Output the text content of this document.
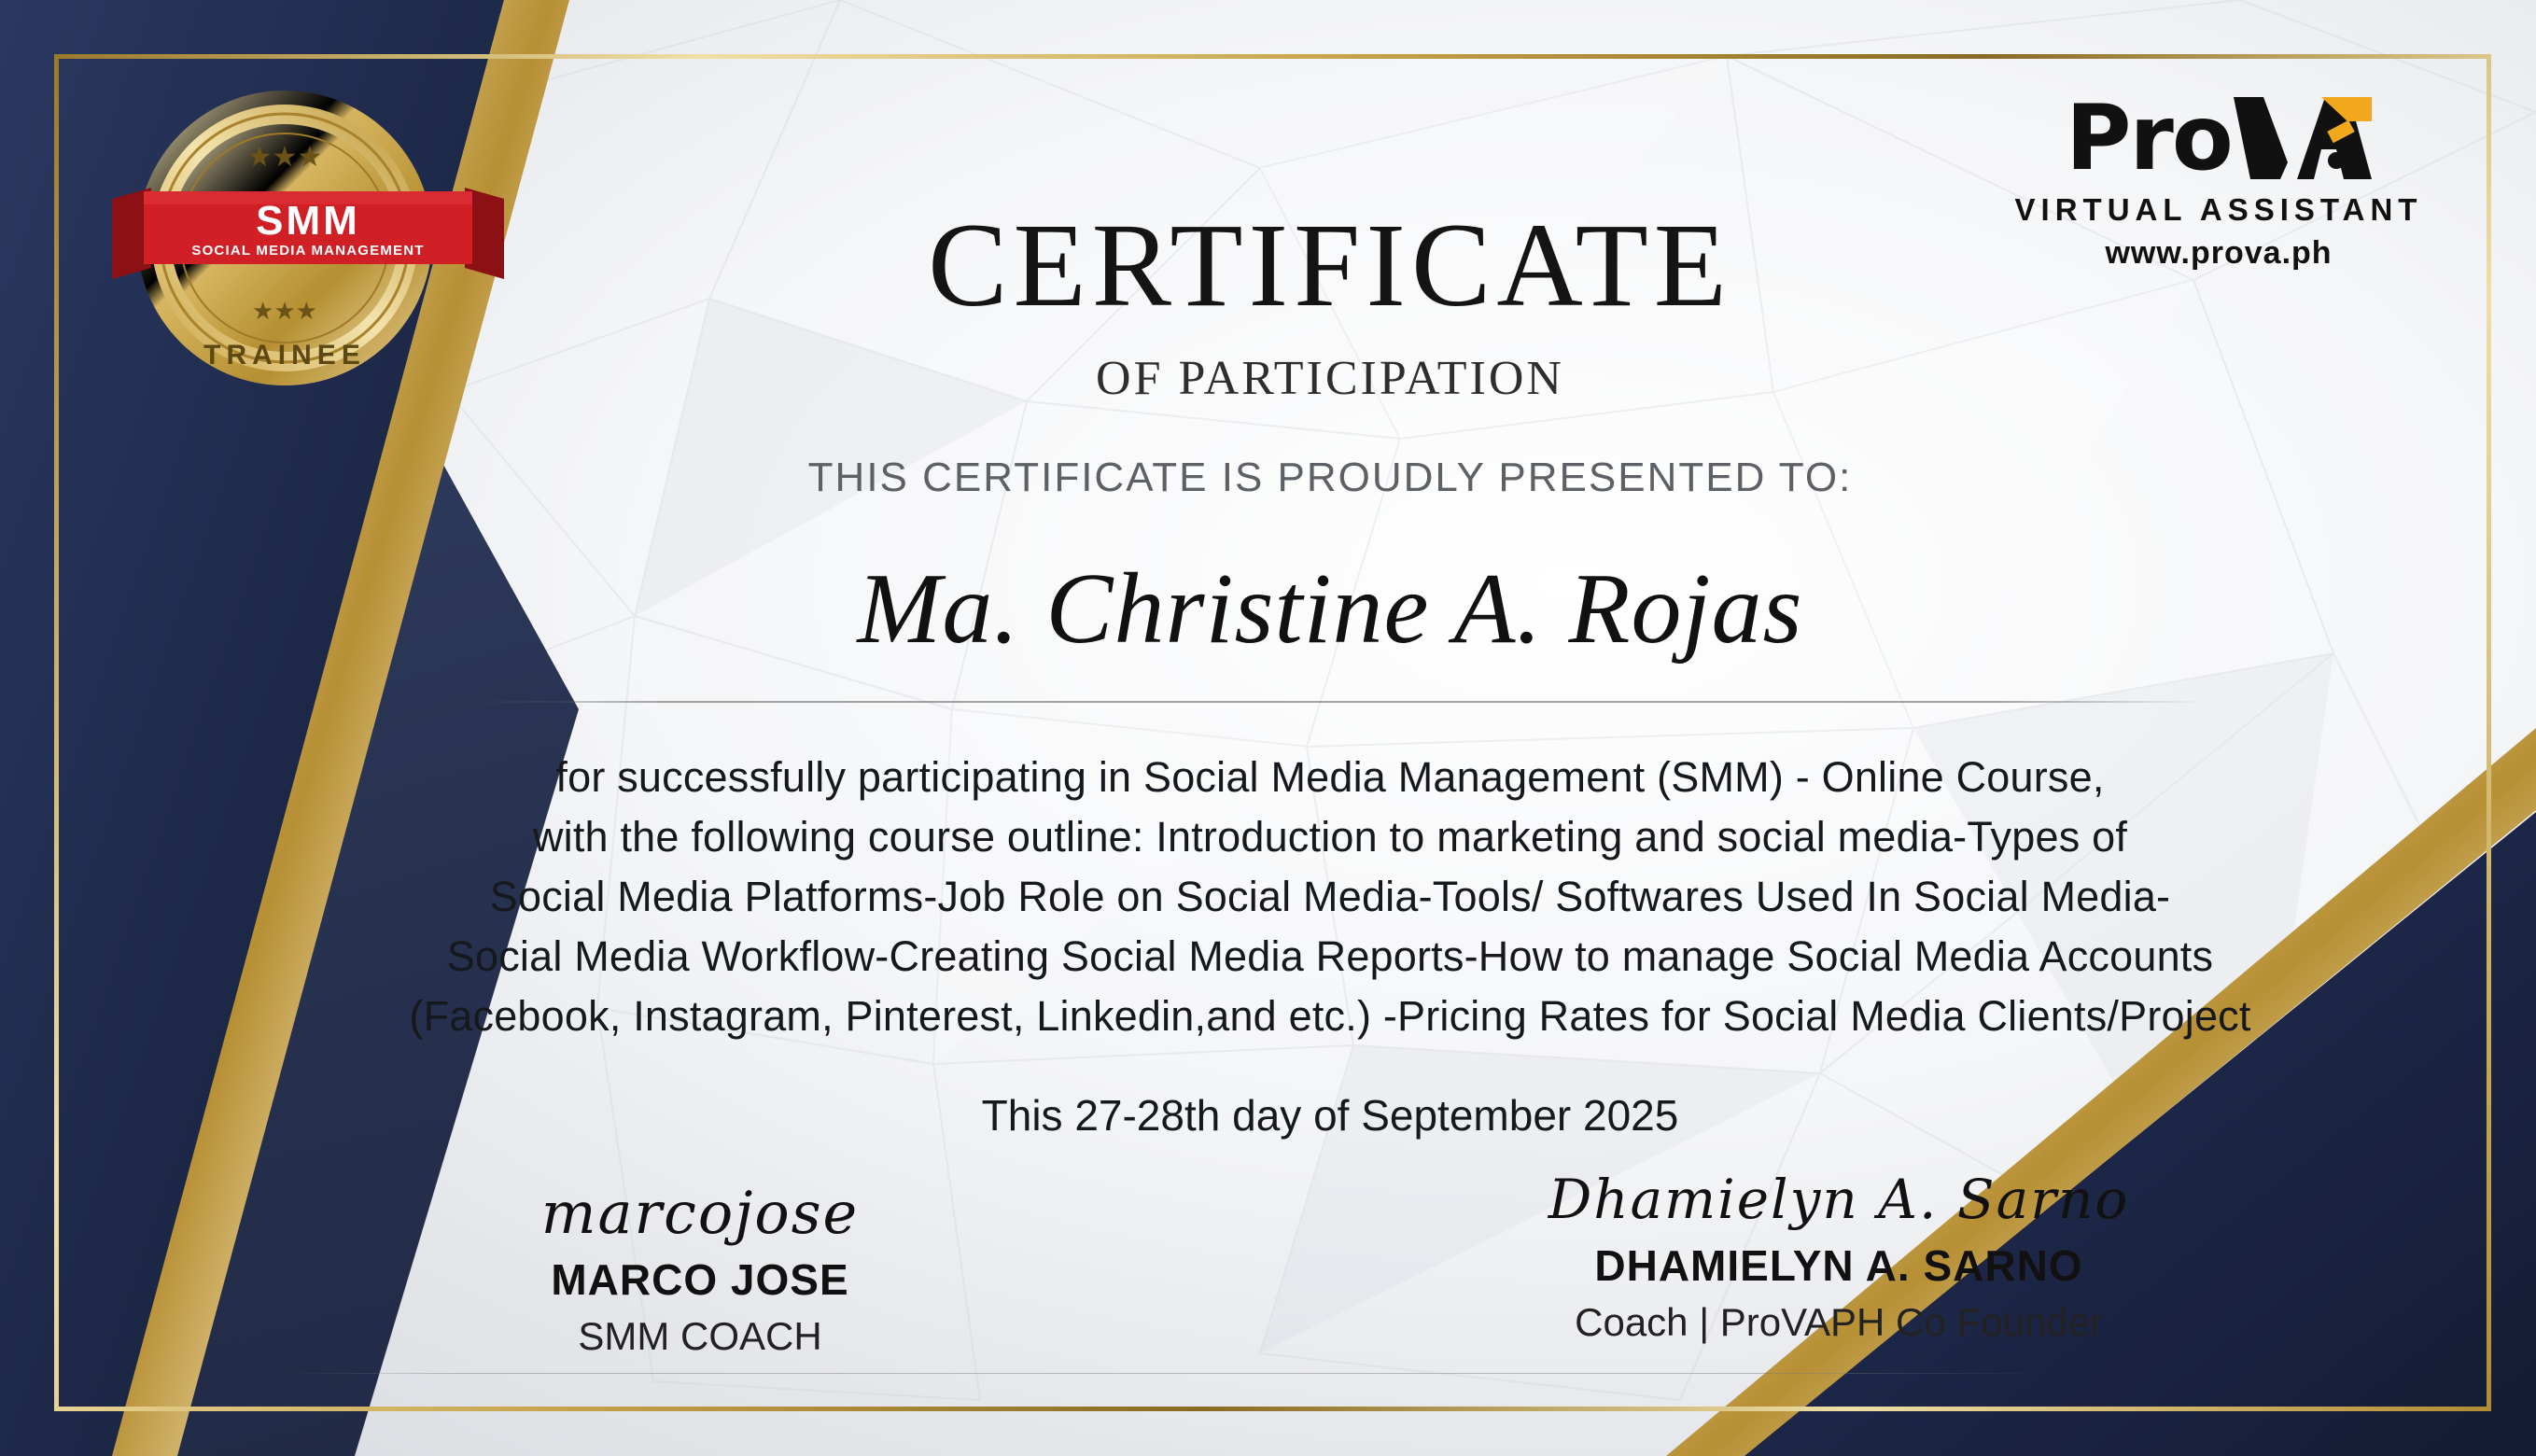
★★★
★★★
TRAINEE
SMM
SOCIAL MEDIA MANAGEMENT
Pro
VIRTUAL ASSISTANT
www.prova.ph
CERTIFICATE
OF PARTICIPATION
THIS CERTIFICATE IS PROUDLY PRESENTED TO:
Ma. Christine A. Rojas
for successfully participating in Social Media Management (SMM) - Online Course,
with the following course outline: Introduction to marketing and social media-Types of
Social Media Platforms-Job Role on Social Media-Tools/ Softwares Used In Social Media-
Social Media Workflow-Creating Social Media Reports-How to manage Social Media Accounts
(Facebook, Instagram, Pinterest, Linkedin,and etc.) -Pricing Rates for Social Media Clients/Project
This 27-28th day of September 2025
marcojose
MARCO JOSE
SMM COACH
Dhamielyn A. Sarno
DHAMIELYN A. SARNO
Coach | ProVAPH Co Founder
